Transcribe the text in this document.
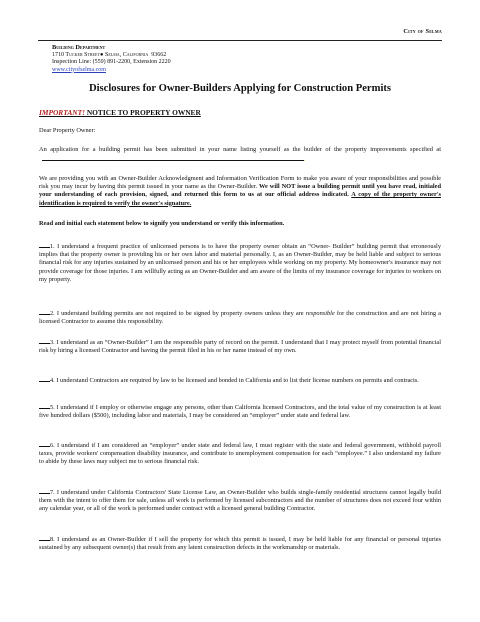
City of Selma
Building Department
1710 Tucker Street● Selma, California 93662
Inspection Line: (559) 891-2200, Extension 2220
www.cityofselma.com
Disclosures for Owner-Builders Applying for Construction Permits
IMPORTANT! NOTICE TO PROPERTY OWNER
Dear Property Owner:
An application for a building permit has been submitted in your name listing yourself as the builder of the property improvements specified at.
We are providing you with an Owner-Builder Acknowledgment and Information Verification Form to make you aware of your responsibilities and possible risk you may incur by having this permit issued in your name as the Owner-Builder. We will NOT issue a building permit until you have read, initialed your understanding of each provision, signed, and returned this form to us at our official address indicated. A copy of the property owner's identification is required to verify the owner's signature.
Read and initial each statement below to signify you understand or verify this information.
1. I understand a frequent practice of unlicensed persons is to have the property owner obtain an “Owner- Builder” building permit that erroneously implies that the property owner is providing his or her own labor and material personally. I, as an Owner-Builder, may be held liable and subject to serious financial risk for any injuries sustained by an unlicensed person and his or her employees while working on my property. My homeowner's insurance may not provide coverage for those injuries. I am willfully acting as an Owner-Builder and am aware of the limits of my insurance coverage for injuries to workers on my property.
2. I understand building permits are not required to be signed by property owners unless they are responsible for the construction and are not hiring a licensed Contractor to assume this responsibility.
3. I understand as an “Owner-Builder” I am the responsible party of record on the permit. I understand that I may protect myself from potential financial risk by hiring a licensed Contractor and having the permit filed in his or her name instead of my own.
4. I understand Contractors are required by law to be licensed and bonded in California and to list their license numbers on permits and contracts.
5. I understand if I employ or otherwise engage any persons, other than California licensed Contractors, and the total value of my construction is at least five hundred dollars ($500), including labor and materials, I may be considered an “employer” under state and federal law.
6. I understand if I am considered an “employer” under state and federal law, I must register with the state and federal government, withhold payroll taxes, provide workers' compensation disability insurance, and contribute to unemployment compensation for each “employee.” I also understand my failure to abide by these laws may subject me to serious financial risk.
7. I understand under California Contractors' State License Law, an Owner-Builder who builds single-family residential structures cannot legally build them with the intent to offer them for sale, unless all work is performed by licensed subcontractors and the number of structures does not exceed four within any calendar year, or all of the work is performed under contract with a licensed general building Contractor.
8. I understand as an Owner-Builder if I sell the property for which this permit is issued, I may be held liable for any financial or personal injuries sustained by any subsequent owner(s) that result from any latent construction defects in the workmanship or materials.
